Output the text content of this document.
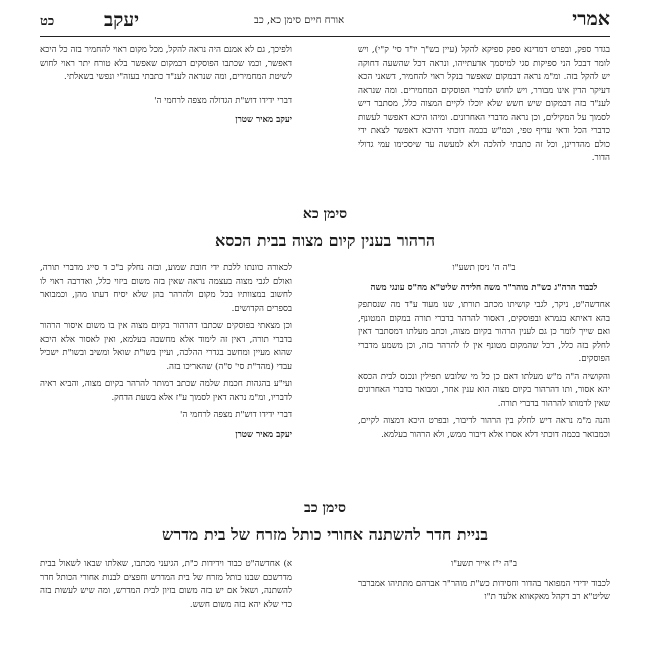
אמרי
אורח חיים סימן כא, כב
יעקב
כט

בגדר ספק, ובפרט דמדינא ספק ספיקא להקל (עיין בש"ך יו"ד סי' ק"י), ויש לומר דבכל הני ספיקות סגי למיסמך אדעתייהו, ונראה דכל שהשעה דחוקה יש להקל בזה. ומ"מ נראה דבמקום שאפשר בנקל ראוי להחמיר, דשאני הכא דעיקר הדין אינו מבורר, ויש לחוש לדברי הפוסקים המחמירים. ומה שנראה לענ"ד בזה דבמקום שיש חשש שלא יוכלו לקיים המצוה כלל, מסתבר דיש לסמוך על המקילים, וכן נראה מדברי האחרונים. ומיהו היכא דאפשר לעשות כדברי הכל ודאי עדיף טפי, וכמ"ש בכמה דוכתי דהיכא דאפשר לצאת ידי כולם מהדרינן, וכל זה כתבתי להלכה ולא למעשה עד שיסכימו עמי גדולי הדור.

ולפיכך, גם לא אמנם היה נראה להקל, מכל מקום ראוי להחמיר בזה כל היכא דאפשר, וכמו שכתבו הפוסקים דבמקום שאפשר בלא טורח יתר ראוי לחוש לשיטת המחמירים, ומה שנראה לענ"ד כתבתי בעזה"י ונפשי בשאלתי.

דברי ידידו דוש"ת הגדולה מצפה לרחמי ה'

יעקב מאיר שטרן

סימן כא
הרהור בענין קיום מצוה בבית הכסא
ב"ה ה' ניסן תשע"ו
לכבוד הרה"ג כש"ת מוהר"ר משה חלידה שליט"א מח"ס עונגי משה

אחדשה"ט, ניקר, לגבי קושיתו מכתב תורתו, שנו מעוד ע"ד מה שנסתפק בהא דאיתא בגמרא ובפוסקים, דאסור להרהר בדברי תורה במקום המטונף, ואם שייך לומר כן גם לענין הרהור בקיום מצוה, וכתב מעלתו דמסתבר דאין לחלק בזה כלל, דכל שהמקום מטונף אין לו להרהר בזה, וכן משמע מדברי הפוסקים.

והקושיה ה"ה מ"ש מעלתו דאם כן כל מי שלובש תפילין ונכנס לבית הכסא יהא אסור, ותו דהרהור בקיום מצוה הוא ענין אחר, ומבואר בדברי האחרונים שאין לדמותו להרהור בדברי תורה.

והנה מ"מ נראה דיש לחלק בין הרהור לדיבור, ובפרט היכא דמצוה לקיים, וכמבואר בכמה דוכתי דלא אסרו אלא דיבור ממש, ולא הרהור בעלמא.

לכאורה כוונתו ללכת ידי חובת שמוע, ובזה נחלק ב"כ ד סייג מדברי תורה, ואולם לגבי מצוה בעצמה נראה שאין בזה משום ביזוי כלל, ואדרבה ראוי לו לחשוב במצוותיו בכל מקום ולהרהר בהן שלא יסיח דעתו מהן, וכמבואר בספרים הקדושים.

וכן מצאתי בפוסקים שכתבו דהרהור בקיום מצוה אין בו משום איסור הרהור בדברי תורה, דאין זה לימוד אלא מחשבה בעלמא, ואין לאסור אלא היכא שהוא מעיין ומחשב בגדרי ההלכה, ועיין בשו"ת שואל ומשיב ובשו"ת ישכיל עבדי (מהד"ת סי' ס"ה) שהאריכו בזה.

ועי"ע בהגהות חכמת שלמה שכתב דמותר להרהר בקיום מצוה, והביא ראיה לדבריו, ומ"מ נראה דאין לסמוך ע"ז אלא בשעת הדחק.

דברי ידידו דוש"ת מצפה לרחמי ה'

יעקב מאיר שטרן

סימן כב
בניית חדר להשתנה אחורי כותל מזרח של בית מדרש
ב"ה י"ז אייר תשע"ו

לכבוד ידידי המפואר בהדור וחסידות כש"ת מוהר"ר אברהם מתתיהו אמברבר שליט"א רב דקהל מאקאווא אלעד ת"ו

א) אחדשה"ט כבוד וידידות כ"ת, הגיעני מכתבו, שאלתו שבאו לשאול בבית מדרשכם שבנו כותל מזרח של בית המדרש וחפצים לבנות אחורי הכותל חדר להשתנה, ושאל אם יש בזה משום בזיון לבית המדרש, ומה שיש לעשות בזה כדי שלא יהא בזה משום חשש.
